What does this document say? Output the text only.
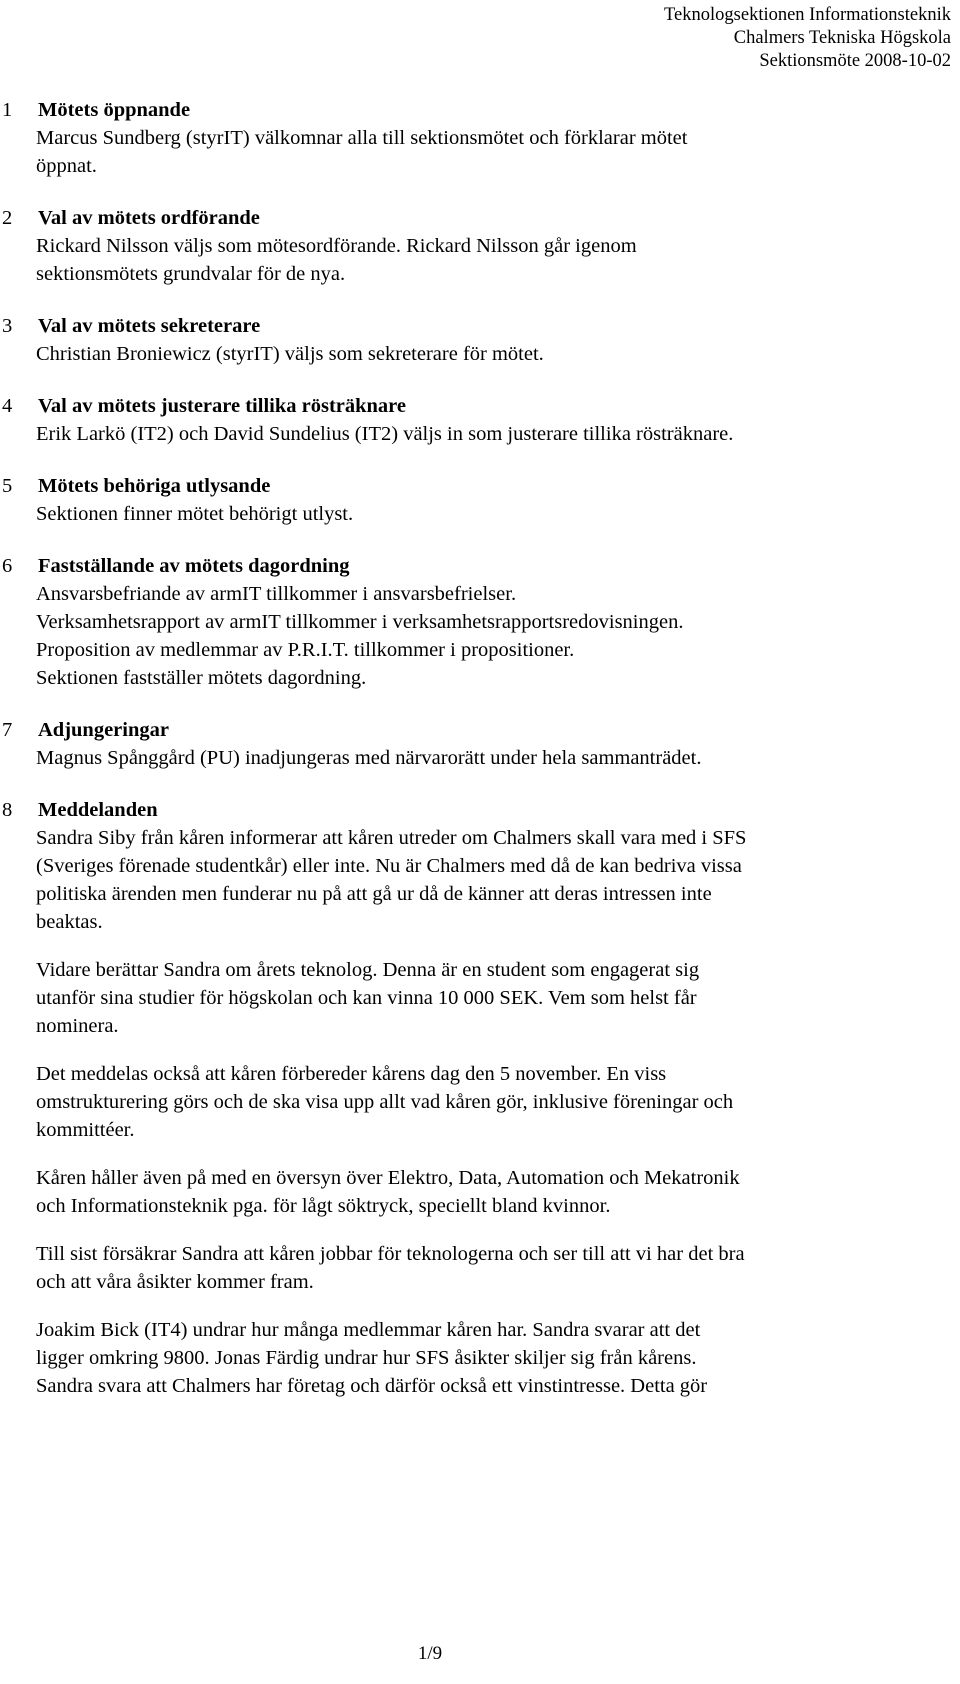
Teknologsektionen Informationsteknik
Chalmers Tekniska Högskola
Sektionsmöte 2008-10-02
1	Mötets öppnande
Marcus Sundberg (styrIT) välkomnar alla till sektionsmötet och förklarar mötet
öppnat.
2	Val av mötets ordförande
Rickard Nilsson väljs som mötesordförande. Rickard Nilsson går igenom
sektionsmötets grundvalar för de nya.
3	Val av mötets sekreterare
Christian Broniewicz (styrIT) väljs som sekreterare för mötet.
4	Val av mötets justerare tillika rösträknare
Erik Larkö (IT2) och David Sundelius (IT2) väljs in som justerare tillika rösträknare.
5	Mötets behöriga utlysande
Sektionen finner mötet behörigt utlyst.
6	Fastställande av mötets dagordning
Ansvarsbefriande av armIT tillkommer i ansvarsbefrielser.
Verksamhetsrapport av armIT tillkommer i verksamhetsrapportsredovisningen.
Proposition av medlemmar av P.R.I.T. tillkommer i propositioner.
Sektionen fastställer mötets dagordning.
7	Adjungeringar
Magnus Spånggård (PU) inadjungeras med närvarorätt under hela sammanträdet.
8	Meddelanden
Sandra Siby från kåren informerar att kåren utreder om Chalmers skall vara med i SFS
(Sveriges förenade studentkår) eller inte. Nu är Chalmers med då de kan bedriva vissa
politiska ärenden men funderar nu på att gå ur då de känner att deras intressen inte
beaktas.
Vidare berättar Sandra om årets teknolog. Denna är en student som engagerat sig
utanför sina studier för högskolan och kan vinna 10 000 SEK. Vem som helst får
nominera.
Det meddelas också att kåren förbereder kårens dag den 5 november. En viss
omstrukturering görs och de ska visa upp allt vad kåren gör, inklusive föreningar och
kommittéer.
Kåren håller även på med en översyn över Elektro, Data, Automation och Mekatronik
och Informationsteknik pga. för lågt söktryck, speciellt bland kvinnor.
Till sist försäkrar Sandra att kåren jobbar för teknologerna och ser till att vi har det bra
och att våra åsikter kommer fram.
Joakim Bick (IT4) undrar hur många medlemmar kåren har. Sandra svarar att det
ligger omkring 9800. Jonas Färdig undrar hur SFS åsikter skiljer sig från kårens.
Sandra svara att Chalmers har företag och därför också ett vinstintresse. Detta gör
1/9
